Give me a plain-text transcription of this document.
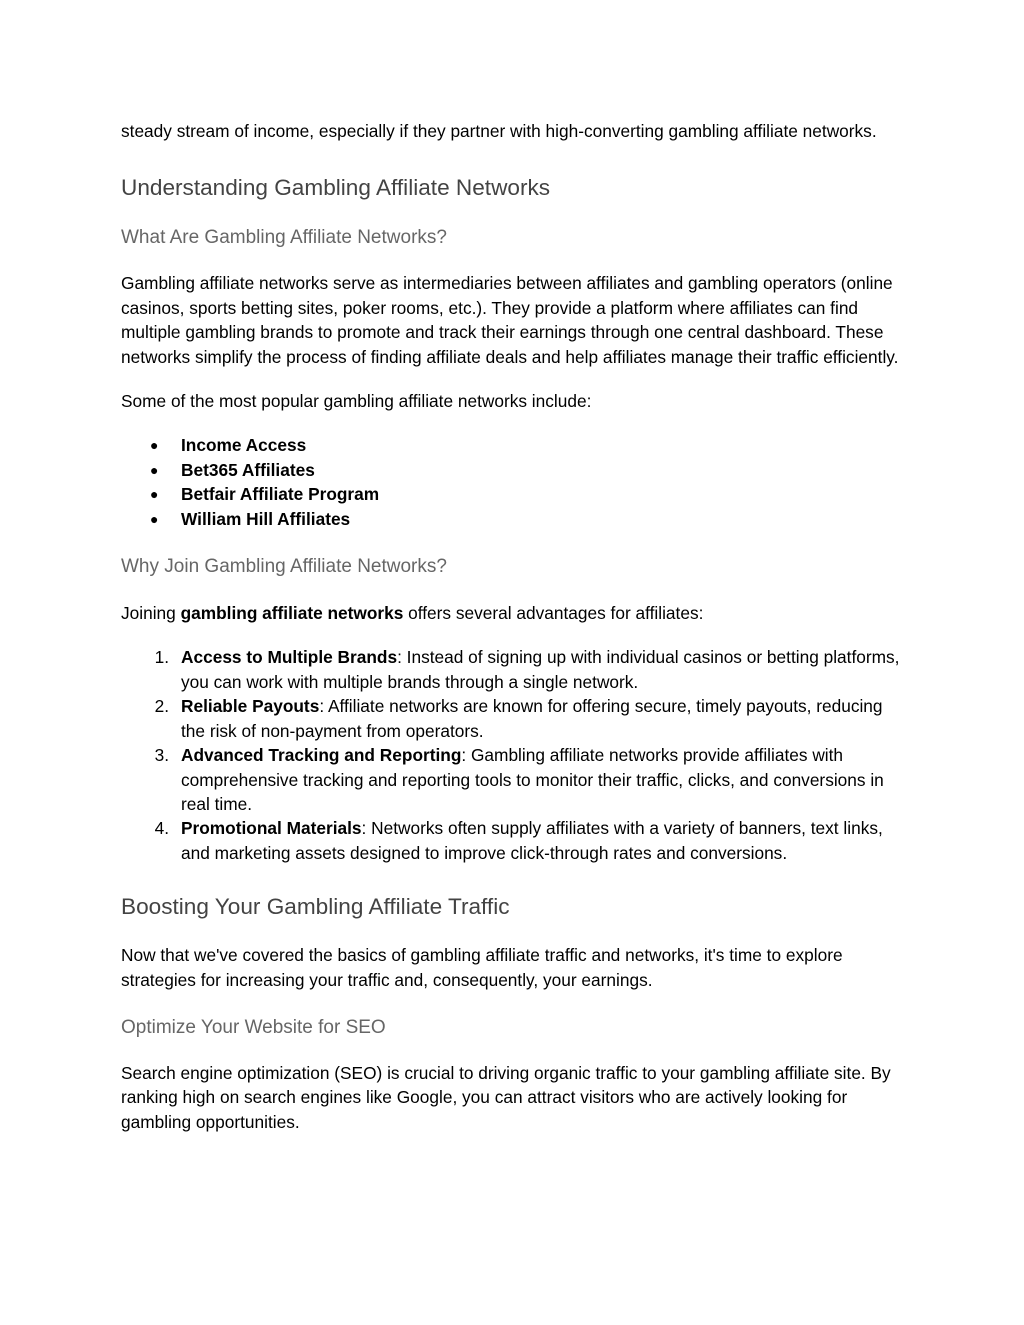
steady stream of income, especially if they partner with high-converting gambling affiliate networks.

Understanding Gambling Affiliate Networks
What Are Gambling Affiliate Networks?

Gambling affiliate networks serve as intermediaries between affiliates and gambling operators (online casinos, sports betting sites, poker rooms, etc.). They provide a platform where affiliates can find multiple gambling brands to promote and track their earnings through one central dashboard. These networks simplify the process of finding affiliate deals and help affiliates manage their traffic efficiently.

Some of the most popular gambling affiliate networks include:

● Income Access
● Bet365 Affiliates
● Betfair Affiliate Program
● William Hill Affiliates
Why Join Gambling Affiliate Networks?

Joining gambling affiliate networks offers several advantages for affiliates:

1. Access to Multiple Brands: Instead of signing up with individual casinos or betting platforms, you can work with multiple brands through a single network.
2. Reliable Payouts: Affiliate networks are known for offering secure, timely payouts, reducing the risk of non-payment from operators.
3. Advanced Tracking and Reporting: Gambling affiliate networks provide affiliates with comprehensive tracking and reporting tools to monitor their traffic, clicks, and conversions in real time.
4. Promotional Materials: Networks often supply affiliates with a variety of banners, text links, and marketing assets designed to improve click-through rates and conversions.
Boosting Your Gambling Affiliate Traffic

Now that we've covered the basics of gambling affiliate traffic and networks, it's time to explore strategies for increasing your traffic and, consequently, your earnings.

Optimize Your Website for SEO

Search engine optimization (SEO) is crucial to driving organic traffic to your gambling affiliate site. By ranking high on search engines like Google, you can attract visitors who are actively looking for gambling opportunities.
